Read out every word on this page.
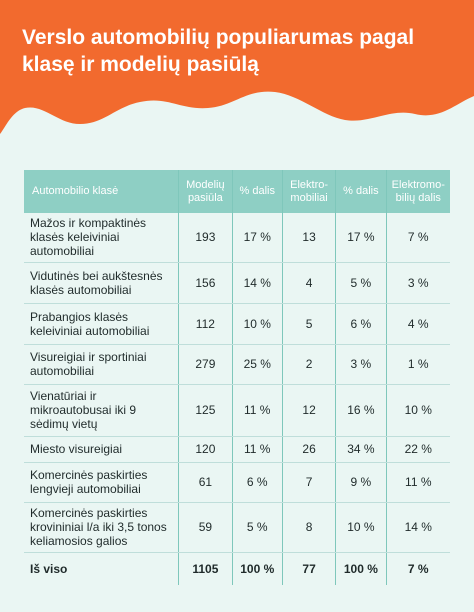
Verslo automobilių populiarumas pagal klasę ir modelių pasiūlą
Automobilio klasė	Modelių pasiūla	% dalis	Elektro-mobiliai	% dalis	Elektromo-bilių dalis
Mažos ir kompaktinės klasės keleiviniai automobiliai	193	17 %	13	17 %	7 %
Vidutinės bei aukštesnės klasės automobiliai	156	14 %	4	5 %	3 %
Prabangios klasės keleiviniai automobiliai	112	10 %	5	6 %	4 %
Visureigiai ir sportiniai automobiliai	279	25 %	2	3 %	1 %
Vienatūriai ir mikroautobusai iki 9 sėdimų vietų	125	11 %	12	16 %	10 %
Miesto visureigiai	120	11 %	26	34 %	22 %
Komercinės paskirties lengvieji automobiliai	61	6 %	7	9 %	11 %
Komercinės paskirties krovininiai l/a iki 3,5 tonos keliamosios galios	59	5 %	8	10 %	14 %
Iš viso	1105	100 %	77	100 %	7 %
